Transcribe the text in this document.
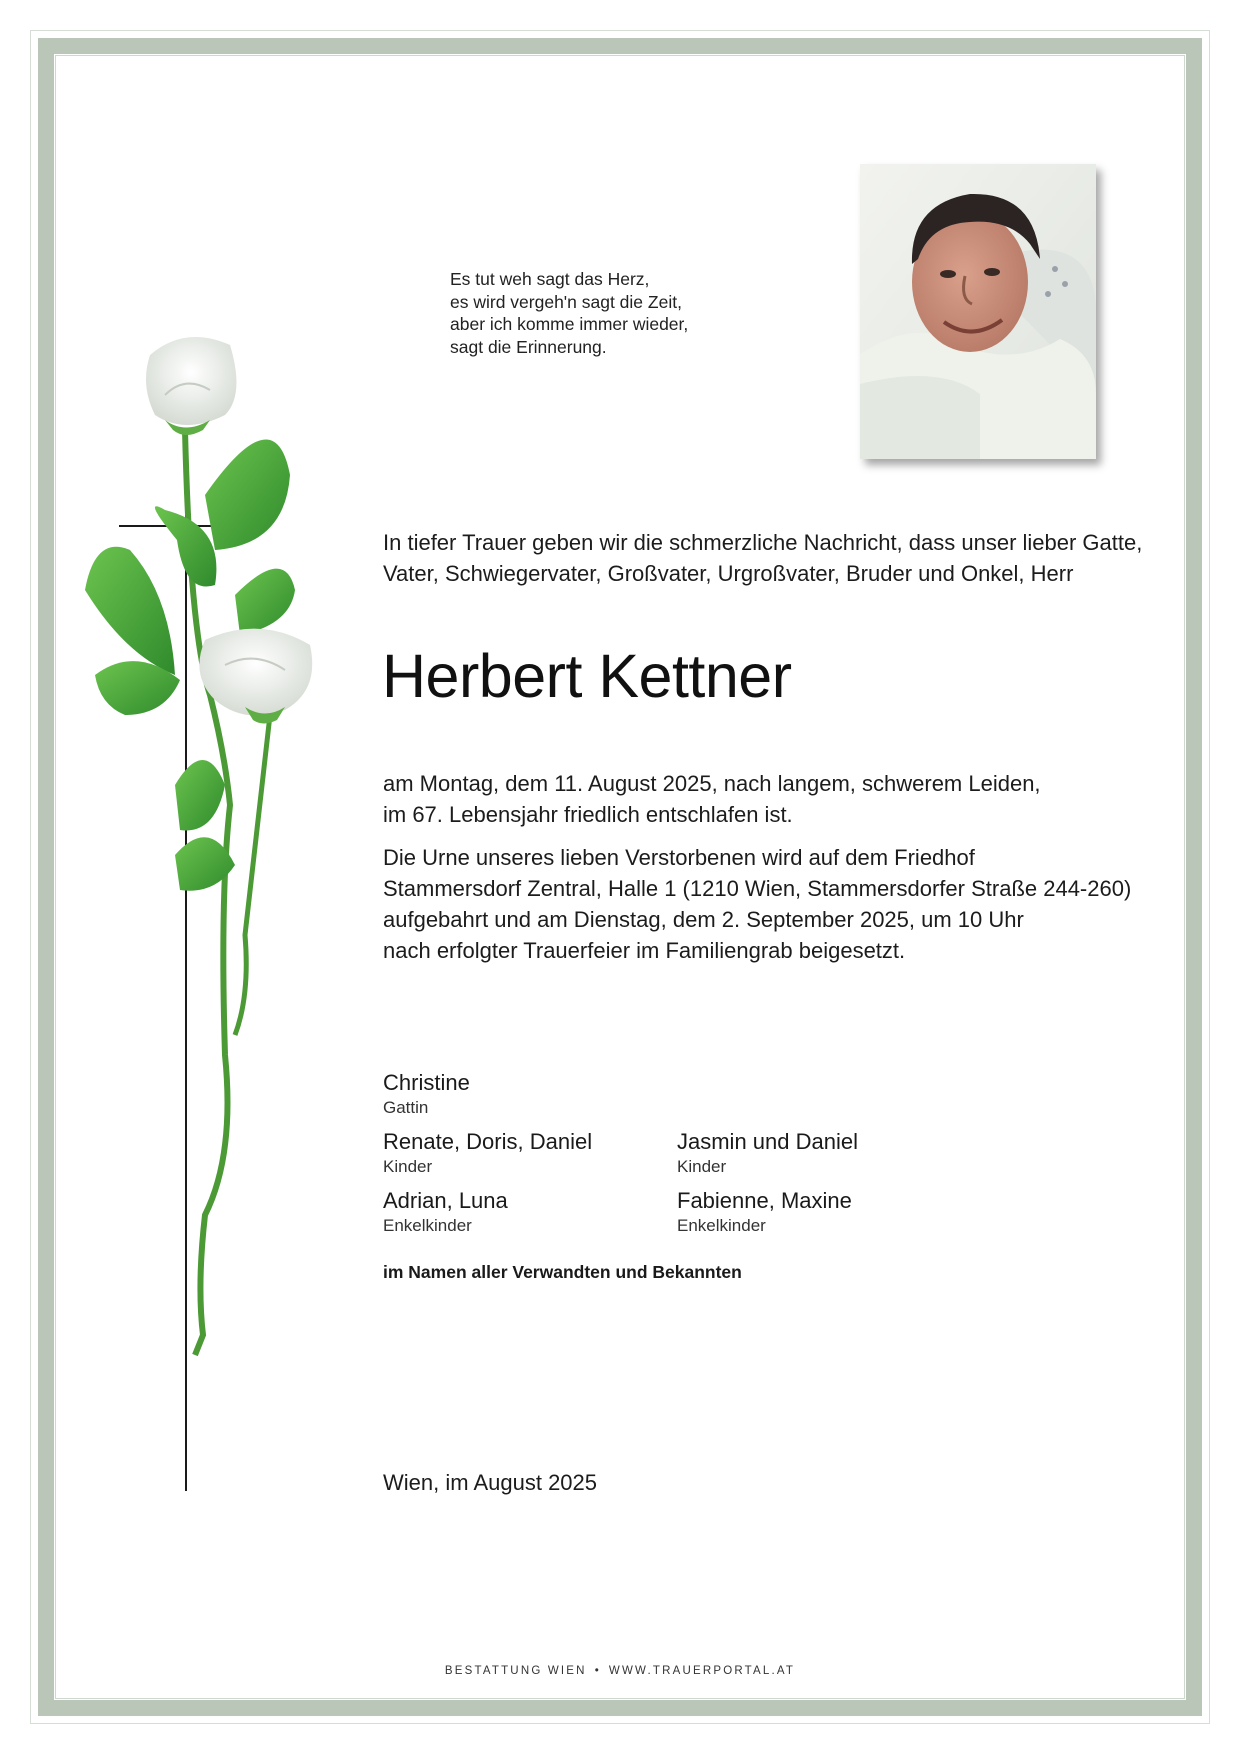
Es tut weh sagt das Herz,
es wird vergeh'n sagt die Zeit,
aber ich komme immer wieder,
sagt die Erinnerung.
In tiefer Trauer geben wir die schmerzliche Nachricht, dass unser lieber Gatte,
Vater, Schwiegervater, Großvater, Urgroßvater, Bruder und Onkel, Herr
Herbert Kettner
am Montag, dem 11. August 2025, nach langem, schwerem Leiden,
im 67. Lebensjahr friedlich entschlafen ist.
Die Urne unseres lieben Verstorbenen wird auf dem Friedhof
Stammersdorf Zentral, Halle 1 (1210 Wien, Stammersdorfer Straße 244-260)
aufgebahrt und am Dienstag, dem 2. September 2025, um 10 Uhr
nach erfolgter Trauerfeier im Familiengrab beigesetzt.
Christine
Gattin
Renate, Doris, Daniel
Kinder
Jasmin und Daniel
Kinder
Adrian, Luna
Enkelkinder
Fabienne, Maxine
Enkelkinder
im Namen aller Verwandten und Bekannten
Wien, im August 2025
BESTATTUNG WIEN • WWW.TRAUERPORTAL.AT
